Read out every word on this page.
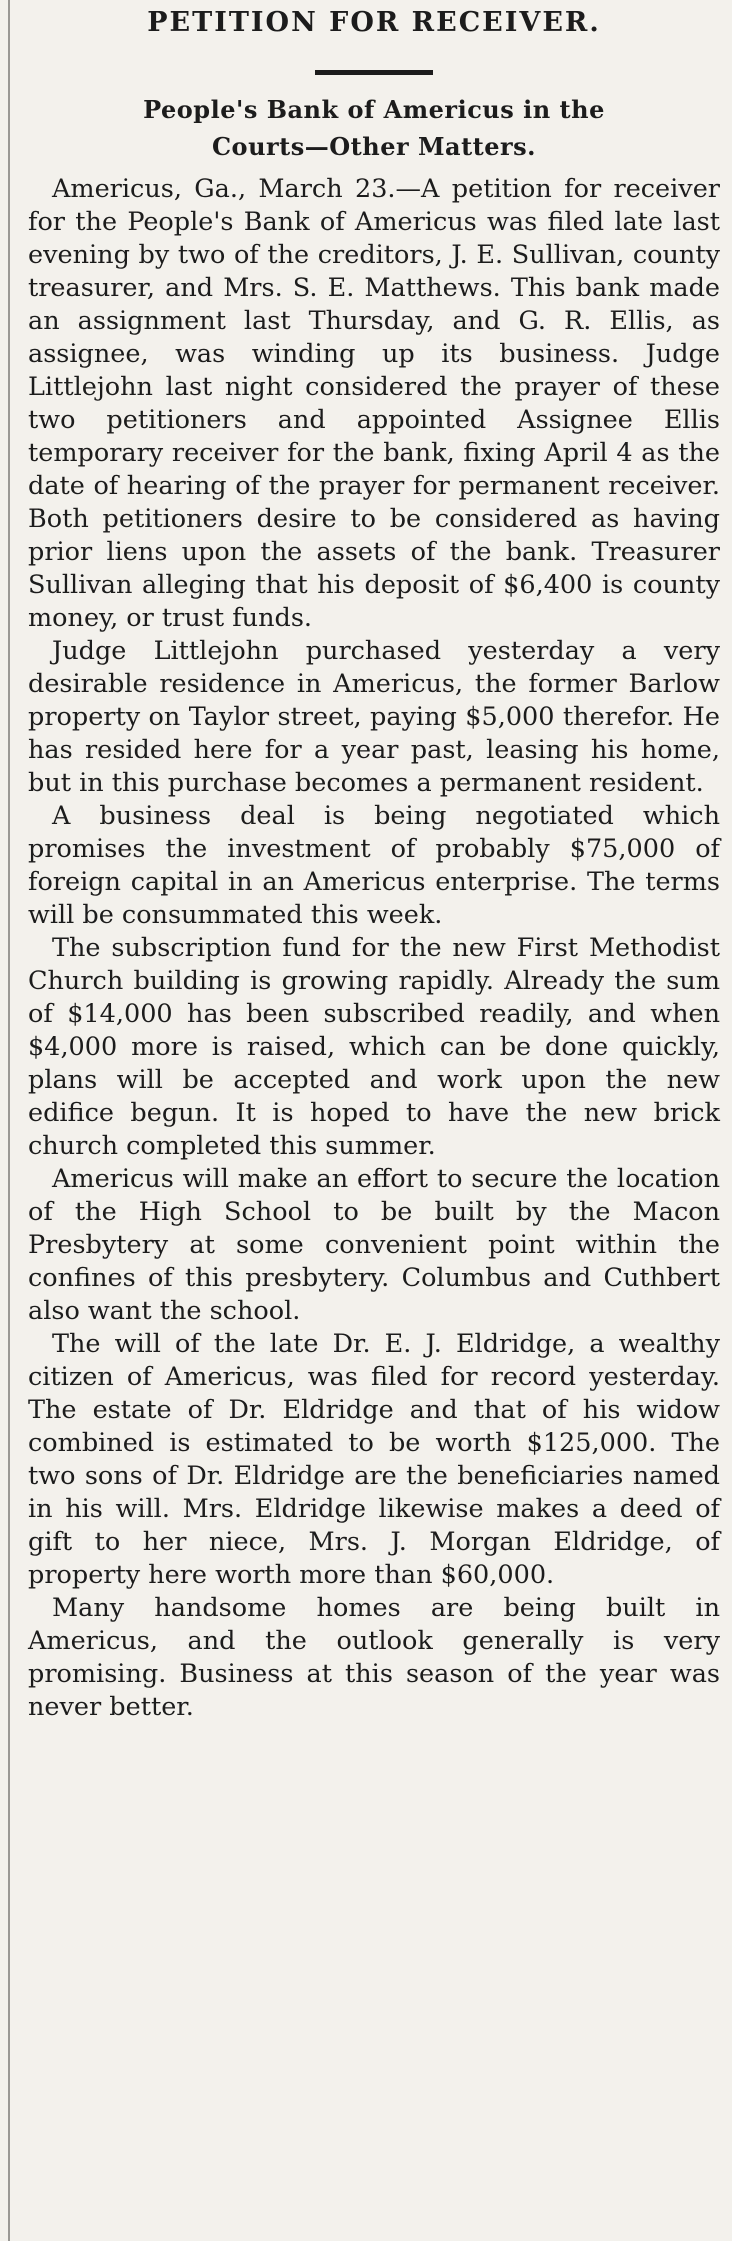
PETITION FOR RECEIVER.
People's Bank of Americus in the
Courts—Other Matters.

Americus, Ga., March 23.—A petition for receiver for the People's Bank of Americus was filed late last evening by two of the creditors, J. E. Sullivan, county treasurer, and Mrs. S. E. Matthews. This bank made an assignment last Thursday, and G. R. Ellis, as assignee, was winding up its business. Judge Littlejohn last night considered the prayer of these two petitioners and appointed Assignee Ellis temporary receiver for the bank, fixing April 4 as the date of hearing of the prayer for permanent receiver. Both petitioners desire to be considered as having prior liens upon the assets of the bank. Treasurer Sullivan alleging that his deposit of $6,400 is county money, or trust funds.

Judge Littlejohn purchased yesterday a very desirable residence in Americus, the former Barlow property on Taylor street, paying $5,000 therefor. He has resided here for a year past, leasing his home, but in this purchase becomes a permanent resident.

A business deal is being negotiated which promises the investment of probably $75,000 of foreign capital in an Americus enterprise. The terms will be consummated this week.

The subscription fund for the new First Methodist Church building is growing rapidly. Already the sum of $14,000 has been subscribed readily, and when $4,000 more is raised, which can be done quickly, plans will be accepted and work upon the new edifice begun. It is hoped to have the new brick church completed this summer.

Americus will make an effort to secure the location of the High School to be built by the Macon Presbytery at some convenient point within the confines of this presbytery. Columbus and Cuthbert also want the school.

The will of the late Dr. E. J. Eldridge, a wealthy citizen of Americus, was filed for record yesterday. The estate of Dr. Eldridge and that of his widow combined is estimated to be worth $125,000. The two sons of Dr. Eldridge are the beneficiaries named in his will. Mrs. Eldridge likewise makes a deed of gift to her niece, Mrs. J. Morgan Eldridge, of property here worth more than $60,000.

Many handsome homes are being built in Americus, and the outlook generally is very promising. Business at this season of the year was never better.
